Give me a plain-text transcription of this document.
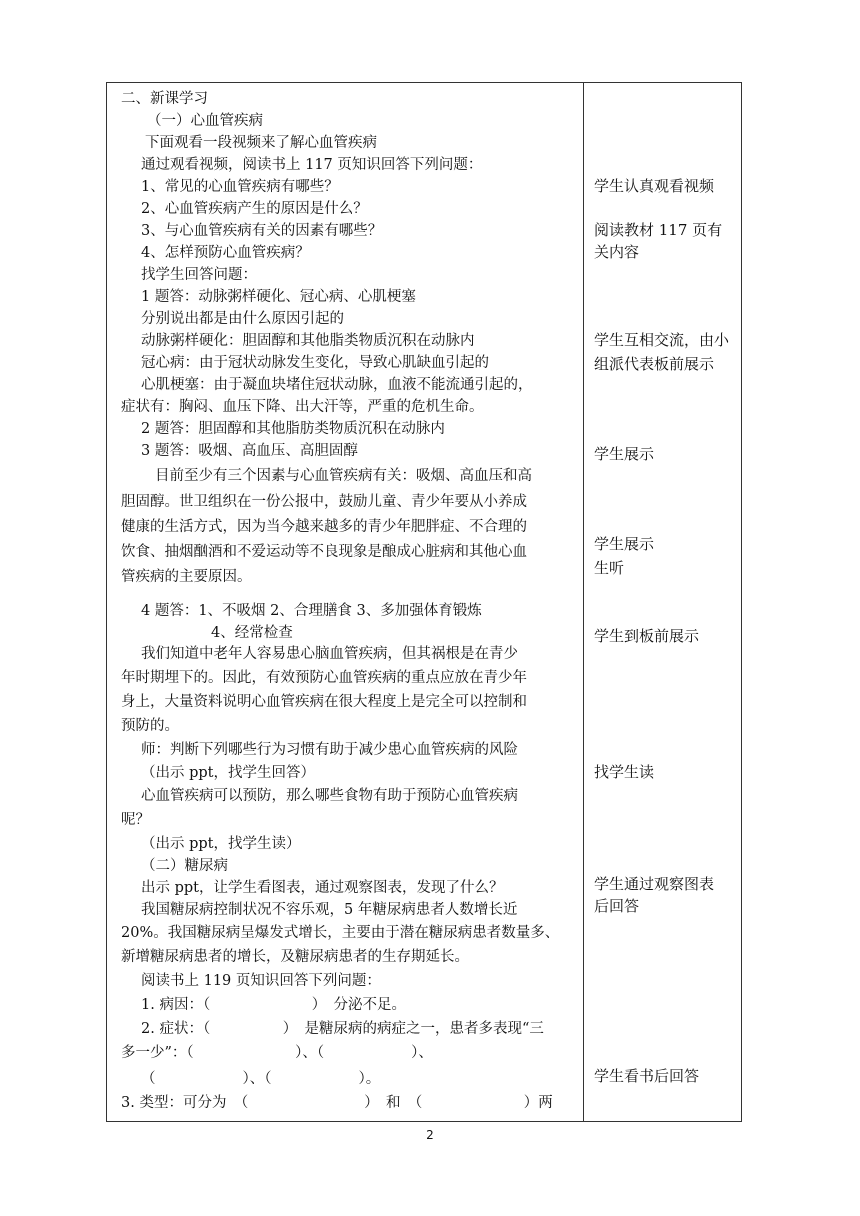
二、新课学习
（一）心血管疾病
下面观看一段视频来了解心血管疾病
通过观看视频，阅读书上 117 页知识回答下列问题：
1、常见的心血管疾病有哪些？
2、心血管疾病产生的原因是什么？
3、与心血管疾病有关的因素有哪些？
4、怎样预防心血管疾病？
找学生回答问题：
1 题答：动脉粥样硬化、冠心病、心肌梗塞
分别说出都是由什么原因引起的
动脉粥样硬化：胆固醇和其他脂类物质沉积在动脉内
冠心病：由于冠状动脉发生变化，导致心肌缺血引起的
心肌梗塞：由于凝血块堵住冠状动脉，血液不能流通引起的，
症状有：胸闷、血压下降、出大汗等，严重的危机生命。
2 题答：胆固醇和其他脂肪类物质沉积在动脉内
3 题答：吸烟、高血压、高胆固醇
目前至少有三个因素与心血管疾病有关：吸烟、高血压和高
胆固醇。世卫组织在一份公报中，鼓励儿童、青少年要从小养成
健康的生活方式，因为当今越来越多的青少年肥胖症、不合理的
饮食、抽烟酗酒和不爱运动等不良现象是酿成心脏病和其他心血
管疾病的主要原因。
4 题答：1、不吸烟 2、合理膳食 3、多加强体育锻炼
4、经常检查
我们知道中老年人容易患心脑血管疾病，但其祸根是在青少
年时期埋下的。因此，有效预防心血管疾病的重点应放在青少年
身上，大量资料说明心血管疾病在很大程度上是完全可以控制和
预防的。
师：判断下列哪些行为习惯有助于减少患心血管疾病的风险
（出示 ppt，找学生回答）
心血管疾病可以预防，那么哪些食物有助于预防心血管疾病
呢？
（出示 ppt，找学生读）
（二）糖尿病
出示 ppt，让学生看图表，通过观察图表，发现了什么？
我国糖尿病控制状况不容乐观，5 年糖尿病患者人数增长近
20%。我国糖尿病呈爆发式增长，主要由于潜在糖尿病患者数量多、
新增糖尿病患者的增长，及糖尿病患者的生存期延长。
阅读书上 119 页知识回答下列问题：
1. 病因：（　　　　　　　）　分泌不足。
2. 症状：（　　　　　）　是糖尿病的病症之一，患者多表现“三
多一少”：（　　　　　　　）、（　　　　　　）、
（　　　　　　）、（　　　　　　）。
3. 类型：可分为　（　　　　　　　　）　和　（　　　　　　　）两
学生认真观看视频
阅读教材 117 页有
关内容
学生互相交流，由小
组派代表板前展示
学生展示
学生展示
生听
学生到板前展示
找学生读
学生通过观察图表
后回答
学生看书后回答
2
